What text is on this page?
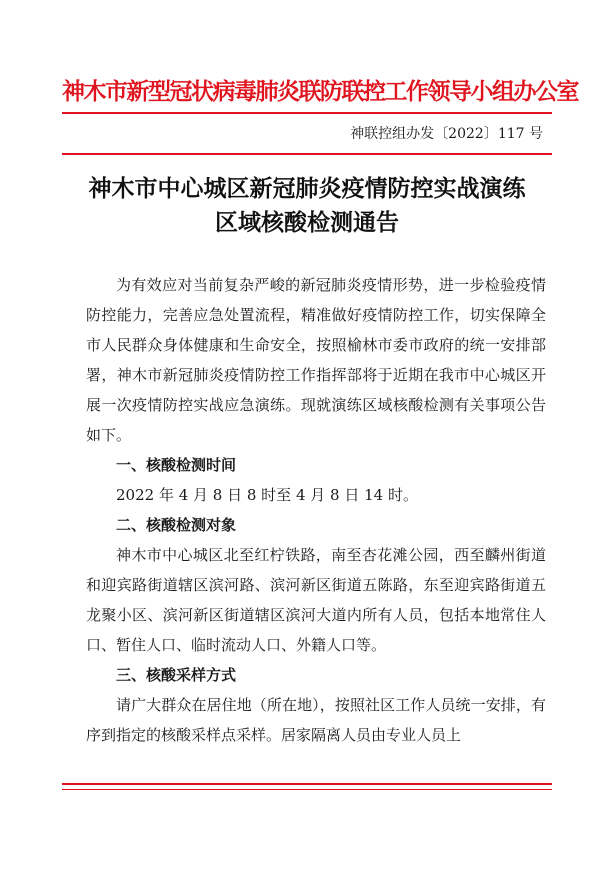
神木市新型冠状病毒肺炎联防联控工作领导小组办公室
神联控组办发〔2022〕117 号
神木市中心城区新冠肺炎疫情防控实战演练
区域核酸检测通告

为有效应对当前复杂严峻的新冠肺炎疫情形势，进一步检验疫情防控能力，完善应急处置流程，精准做好疫情防控工作，切实保障全市人民群众身体健康和生命安全，按照榆林市委市政府的统一安排部署，神木市新冠肺炎疫情防控工作指挥部将于近期在我市中心城区开展一次疫情防控实战应急演练。现就演练区域核酸检测有关事项公告如下。

一、核酸检测时间

2022 年 4 月 8 日 8 时至 4 月 8 日 14 时。

二、核酸检测对象

神木市中心城区北至红柠铁路，南至杏花滩公园，西至麟州街道和迎宾路街道辖区滨河路、滨河新区街道五陈路，东至迎宾路街道五龙聚小区、滨河新区街道辖区滨河大道内所有人员，包括本地常住人口、暂住人口、临时流动人口、外籍人口等。

三、核酸采样方式

请广大群众在居住地（所在地），按照社区工作人员统一安排，有序到指定的核酸采样点采样。居家隔离人员由专业人员上
